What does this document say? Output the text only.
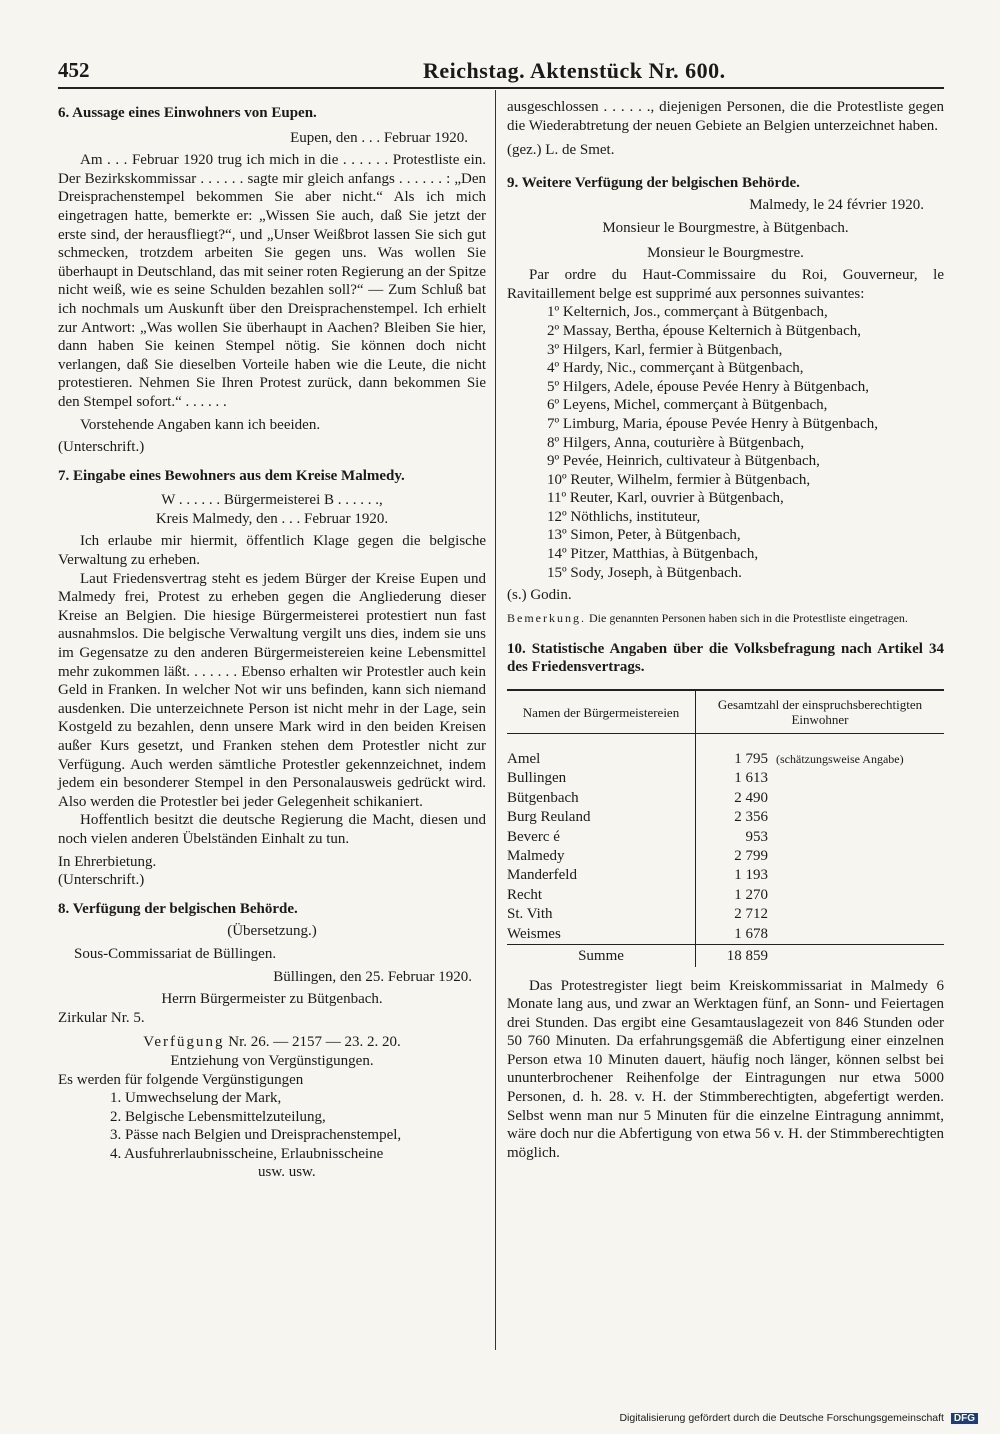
452	Reichstag. Aktenstück Nr. 600.

6. Aussage eines Einwohners von Eupen.

Eupen, den . . . Februar 1920.

Am . . . Februar 1920 trug ich mich in die . . . . . . Protestliste ein. Der Bezirkskommissar . . . . . . sagte mir gleich anfangs . . . . . . : „Den Dreisprachenstempel bekommen Sie aber nicht.“ Als ich mich eingetragen hatte, bemerkte er: „Wissen Sie auch, daß Sie jetzt der erste sind, der herausfliegt?“, und „Unser Weißbrot lassen Sie sich gut schmecken, trotzdem arbeiten Sie gegen uns. Was wollen Sie überhaupt in Deutschland, das mit seiner roten Regierung an der Spitze nicht weiß, wie es seine Schulden bezahlen soll?“ — Zum Schluß bat ich nochmals um Auskunft über den Dreisprachenstempel. Ich erhielt zur Antwort: „Was wollen Sie überhaupt in Aachen? Bleiben Sie hier, dann haben Sie keinen Stempel nötig. Sie können doch nicht verlangen, daß Sie dieselben Vorteile haben wie die Leute, die nicht protestieren. Nehmen Sie Ihren Protest zurück, dann bekommen Sie den Stempel sofort.“ . . . . . .

Vorstehende Angaben kann ich beeiden.

(Unterschrift.)

7. Eingabe eines Bewohners aus dem Kreise Malmedy.

W . . . . . . Bürgermeisterei B . . . . . .,

Kreis Malmedy, den . . . Februar 1920.

Ich erlaube mir hiermit, öffentlich Klage gegen die belgische Verwaltung zu erheben.

Laut Friedensvertrag steht es jedem Bürger der Kreise Eupen und Malmedy frei, Protest zu erheben gegen die Angliederung dieser Kreise an Belgien. Die hiesige Bürgermeisterei protestiert nun fast ausnahmslos. Die belgische Verwaltung vergilt uns dies, indem sie uns im Gegensatze zu den anderen Bürgermeistereien keine Lebensmittel mehr zukommen läßt. . . . . . . Ebenso erhalten wir Protestler auch kein Geld in Franken. In welcher Not wir uns befinden, kann sich niemand ausdenken. Die unterzeichnete Person ist nicht mehr in der Lage, sein Kostgeld zu bezahlen, denn unsere Mark wird in den beiden Kreisen außer Kurs gesetzt, und Franken stehen dem Protestler nicht zur Verfügung. Auch werden sämtliche Protestler gekennzeichnet, indem jedem ein besonderer Stempel in den Personalausweis gedrückt wird. Also werden die Protestler bei jeder Gelegenheit schikaniert.

Hoffentlich besitzt die deutsche Regierung die Macht, diesen und noch vielen anderen Übelständen Einhalt zu tun.

In Ehrerbietung.

(Unterschrift.)

8. Verfügung der belgischen Behörde.

(Übersetzung.)

Sous-Commissariat de Büllingen.

Büllingen, den 25. Februar 1920.

Herrn Bürgermeister zu Bütgenbach.

Zirkular Nr. 5.

Verfügung Nr. 26. — 2157 — 23. 2. 20.

Entziehung von Vergünstigungen.

Es werden für folgende Vergünstigungen

1. Umwechselung der Mark,

2. Belgische Lebensmittelzuteilung,

3. Pässe nach Belgien und Dreisprachenstempel,

4. Ausfuhrerlaubnisscheine, Erlaubnisscheine

usw. usw.

ausgeschlossen . . . . . ., diejenigen Personen, die die Protestliste gegen die Wiederabtretung der neuen Gebiete an Belgien unterzeichnet haben.

(gez.) L. de Smet.

9. Weitere Verfügung der belgischen Behörde.

Malmedy, le 24 février 1920.

Monsieur le Bourgmestre, à Bütgenbach.

Monsieur le Bourgmestre.

Par ordre du Haut-Commissaire du Roi, Gouverneur, le Ravitaillement belge est supprimé aux personnes suivantes:

1º Kelternich, Jos., commerçant à Bütgenbach,

2º Massay, Bertha, épouse Kelternich à Bütgenbach,

3º Hilgers, Karl, fermier à Bütgenbach,

4º Hardy, Nic., commerçant à Bütgenbach,

5º Hilgers, Adele, épouse Pevée Henry à Bütgenbach,

6º Leyens, Michel, commerçant à Bütgenbach,

7º Limburg, Maria, épouse Pevée Henry à Bütgenbach,

8º Hilgers, Anna, couturière à Bütgenbach,

9º Pevée, Heinrich, cultivateur à Bütgenbach,

10º Reuter, Wilhelm, fermier à Bütgenbach,

11º Reuter, Karl, ouvrier à Bütgenbach,

12º Nöthlichs, instituteur,

13º Simon, Peter, à Bütgenbach,

14º Pitzer, Matthias, à Bütgenbach,

15º Sody, Joseph, à Bütgenbach.

(s.) Godin.

Bemerkung. Die genannten Personen haben sich in die Protestliste eingetragen.

10. Statistische Angaben über die Volksbefragung nach Artikel 34 des Friedensvertrags.

Namen der Bürgermeistereien	Gesamtzahl der einspruchsberechtigten Einwohner
Amel	1 795 (schätzungsweise Angabe)
Bullingen	1 613
Bütgenbach	2 490
Burg Reuland	2 356
Beverc é	953
Malmedy	2 799
Manderfeld	1 193
Recht	1 270
St. Vith	2 712
Weismes	1 678
Summe	18 859

Das Protestregister liegt beim Kreiskommissariat in Malmedy 6 Monate lang aus, und zwar an Werktagen fünf, an Sonn- und Feiertagen drei Stunden. Das ergibt eine Gesamtauslagezeit von 846 Stunden oder 50 760 Minuten. Da erfahrungsgemäß die Abfertigung einer einzelnen Person etwa 10 Minuten dauert, häufig noch länger, können selbst bei ununterbrochener Reihenfolge der Eintragungen nur etwa 5000 Personen, d. h. 28. v. H. der Stimmberechtigten, abgefertigt werden. Selbst wenn man nur 5 Minuten für die einzelne Eintragung annimmt, wäre doch nur die Abfertigung von etwa 56 v. H. der Stimmberechtigten möglich.

Digitalisierung gefördert durch die Deutsche Forschungsgemeinschaft DFG
